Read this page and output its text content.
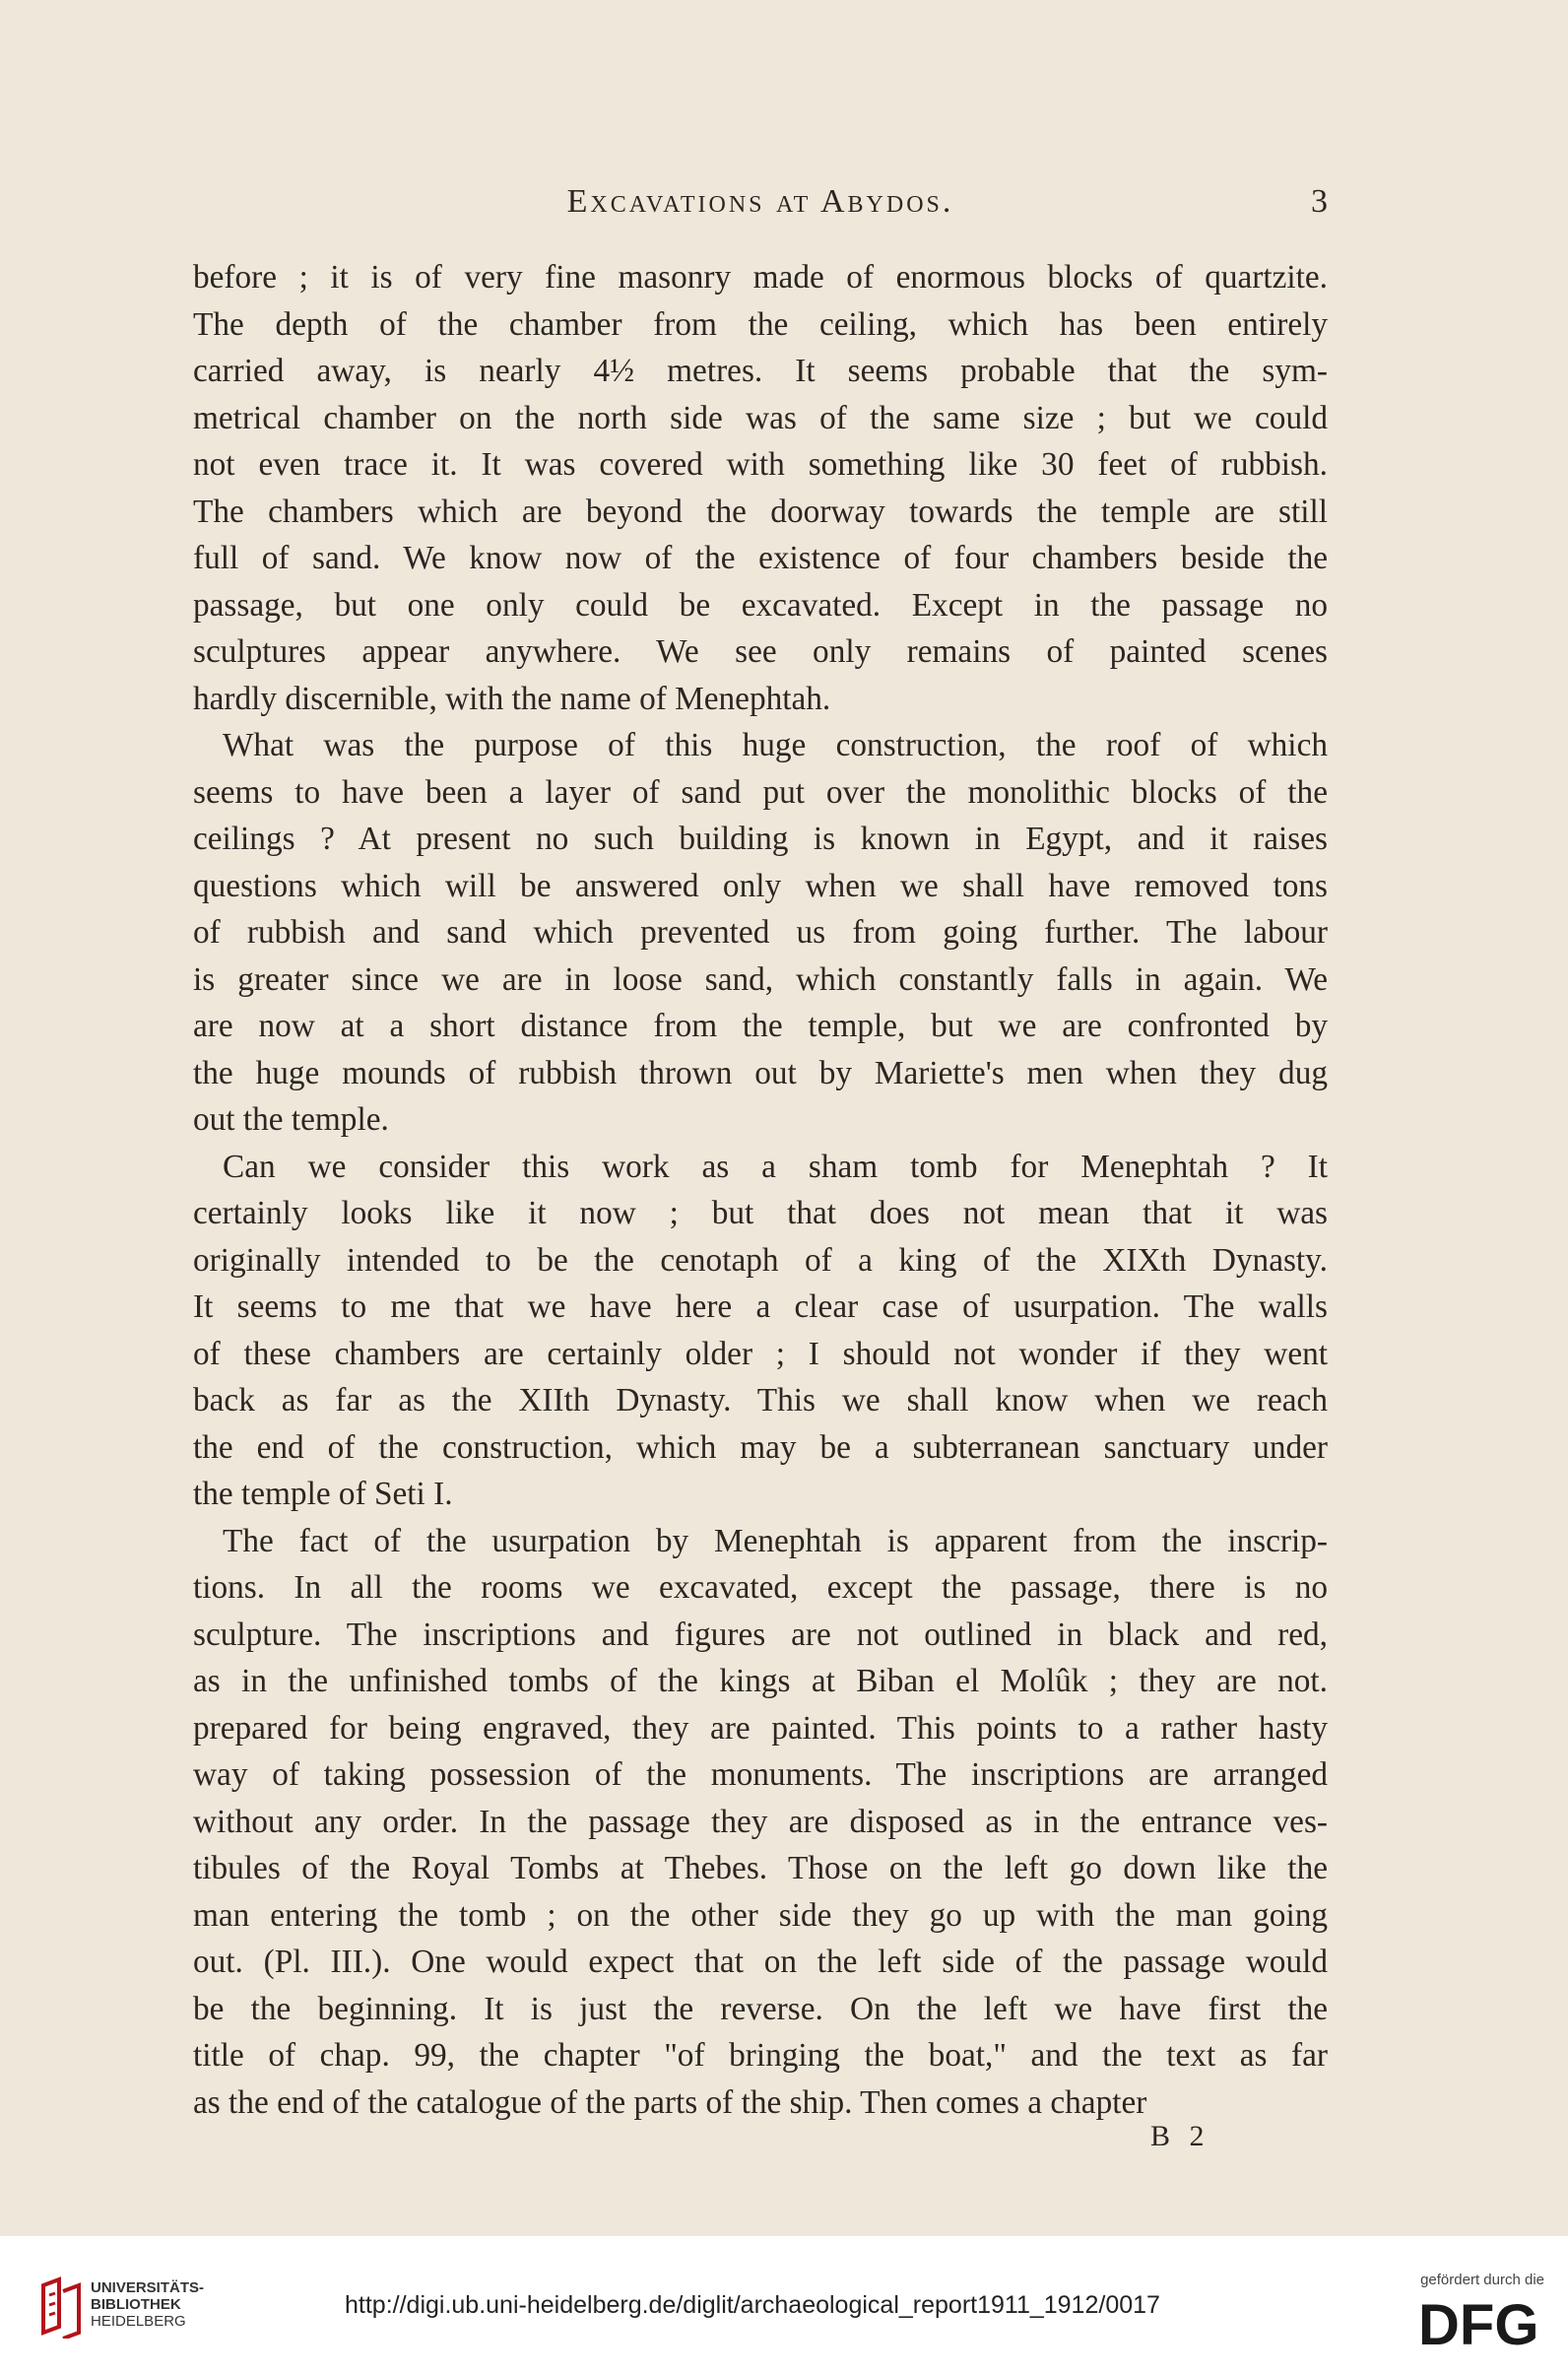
Excavations at Abydos.	3
before ; it is of very fine masonry made of enormous blocks of quartzite.
The depth of the chamber from the ceiling, which has been entirely
carried away, is nearly 4½ metres. It seems probable that the sym-
metrical chamber on the north side was of the same size ; but we could
not even trace it. It was covered with something like 30 feet of rubbish.
The chambers which are beyond the doorway towards the temple are still
full of sand. We know now of the existence of four chambers beside the
passage, but one only could be excavated. Except in the passage no
sculptures appear anywhere. We see only remains of painted scenes
hardly discernible, with the name of Menephtah.
What was the purpose of this huge construction, the roof of which
seems to have been a layer of sand put over the monolithic blocks of the
ceilings ? At present no such building is known in Egypt, and it raises
questions which will be answered only when we shall have removed tons
of rubbish and sand which prevented us from going further. The labour
is greater since we are in loose sand, which constantly falls in again. We
are now at a short distance from the temple, but we are confronted by
the huge mounds of rubbish thrown out by Mariette's men when they dug
out the temple.
Can we consider this work as a sham tomb for Menephtah ? It
certainly looks like it now ; but that does not mean that it was
originally intended to be the cenotaph of a king of the XIXth Dynasty.
It seems to me that we have here a clear case of usurpation. The walls
of these chambers are certainly older ; I should not wonder if they went
back as far as the XIIth Dynasty. This we shall know when we reach
the end of the construction, which may be a subterranean sanctuary under
the temple of Seti I.
The fact of the usurpation by Menephtah is apparent from the inscrip-
tions. In all the rooms we excavated, except the passage, there is no
sculpture. The inscriptions and figures are not outlined in black and red,
as in the unfinished tombs of the kings at Biban el Molûk ; they are not.
prepared for being engraved, they are painted. This points to a rather hasty
way of taking possession of the monuments. The inscriptions are arranged
without any order. In the passage they are disposed as in the entrance ves-
tibules of the Royal Tombs at Thebes. Those on the left go down like the
man entering the tomb ; on the other side they go up with the man going
out. (Pl. III.). One would expect that on the left side of the passage would
be the beginning. It is just the reverse. On the left we have first the
title of chap. 99, the chapter "of bringing the boat," and the text as far
as the end of the catalogue of the parts of the ship. Then comes a chapter
B 2
UNIVERSITÄTS-
BIBLIOTHEK
HEIDELBERG
http://digi.ub.uni-heidelberg.de/diglit/archaeological_report1911_1912/0017
gefördert durch die
DFG
